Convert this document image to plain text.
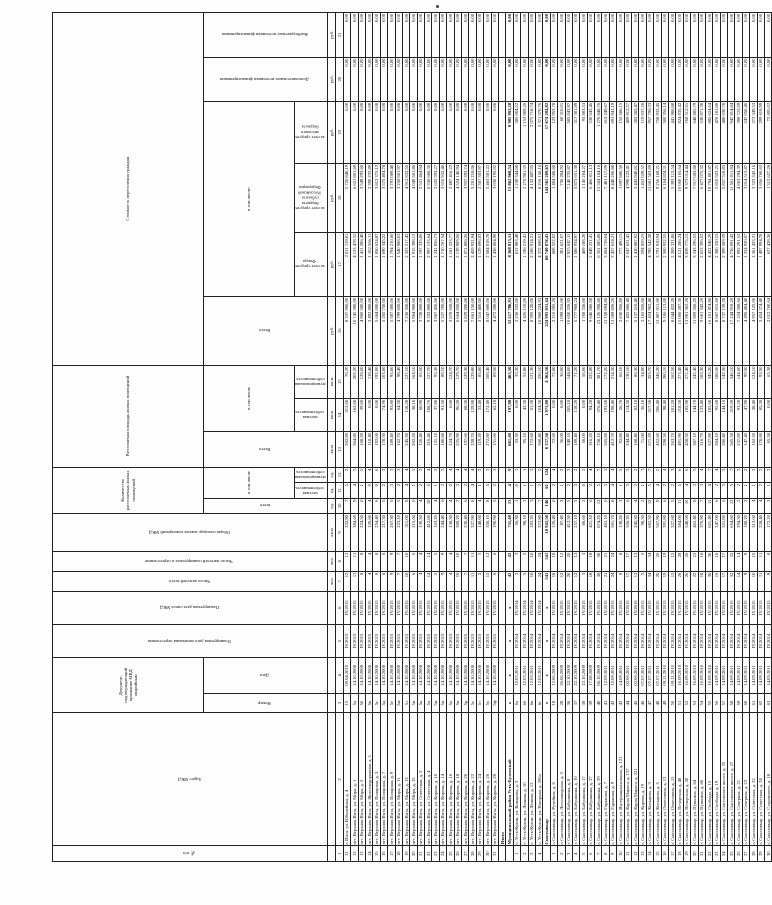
№ п/п	Адрес МКД	Документ, подтверждающий признание МКД аварийным		Планируемая дата окончания переселения	Планируемая дата сноса МКД	Число жителей всего	Число жителей планируемых к переселению	Общая площадь жилых помещений МКД	Количество расселяемых жилых помещений			Расселяемая площадь жилых помещений			Стоимость переселения граждан					
		Номер	Дата						всего	в том числе		Всего	в том числе		Всего	в том числе:			Дополнительные источники финансирования	Внебюджетные источники финансирования
										частная собственность	муниципальная собственность		частная собственность	муниципальная собственность		за счет средств Фонда	за счет средств бюджета субъекта Российской Федерации	за счет средств местного бюджета		
						чел.	чел.	кв.м	ед.	ед.	ед.	кв.м	кв.м	кв.м	руб.	руб.	руб.	руб.	руб.	руб.
1	2	3	4	5	6	7	8	9	10	11	12	13	14	15	16	17	18	19	20	21
11	г. Инта, ул. Юбилейная, д. 4	15	09.04.2010	IV.2015	IV.2015	12	12	332,90	7	5	2	282,80	212,60	70,20	8 337 960,00	2 611 119,81	5 726 840,19	0,00	0,00	0,00
12	пгт. Верхняя Инта, ул. Мира, д. 1	5а	14.10.2008	IV.2015	IV.2015	11	11	384,60	9	4	5	364,80	162,60	202,20	10 745 280,00	4 123 478,32	6 621 801,68	0,00	0,00	0,00
13	пгт. Верхняя Инта, ул. Мира, д. 5	5б	14.10.2008	IV.2015	IV.2015	8	8	224,50	6	1	5	168,20	39,60	128,60	4 960 580,00	1 411 286,40	3 549 293,60	0,00	0,00	0,00
14	пгт. Верхняя Инта, ул. Железнодорожная, д. 1	5в	14.10.2008	IV.2015	IV.2015	4	4	120,60	4	0	4	118,40	0,00	118,40	3 492 800,00	1 102 566,11	2 390 233,89	0,00	0,00	0,00
15	пгт. Верхняя Инта, ул. Полярная, д. 3	5г	14.10.2008	IV.2015	IV.2015	8	8	254,40	6	0	6	192,00	0,00	192,00	5 664 000,00	1 850 624,87	3 813 375,13	0,00	0,00	0,00
16	пгт. Верхняя Инта, ул. Полярная, д. 7	5д	14.10.2008	IV.2015	IV.2015	6	6	217,30	5	2	3	178,50	74,90	103,60	5 265 750,00	1 690 345,22	3 575 404,78	0,00	0,00	0,00
17	пгт. Верхняя Инта, ул. Полярная, д. 9	5е	14.10.2008	IV.2015	IV.2015	9	9	267,30	6	3	3	189,40	93,80	95,60	5 587 300,00	1 794 210,60	3 793 089,40	0,00	0,00	0,00
18	пгт. Верхняя Инта, ул. Мира, д. 11	5ж	14.10.2008	IV.2015	IV.2015	7	7	223,10	5	2	3	162,70	64,30	98,40	4 799 650,00	1 540 988,03	3 258 661,97	0,00	0,00	0,00
19	пгт. Верхняя Инта, ул. Мира, д. 13	5з	14.10.2008	IV.2015	IV.2015	10	10	311,00	8	4	4	245,30	118,20	127,10	7 236 350,00	2 323 517,45	4 912 832,55	0,00	0,00	0,00
20	пгт. Верхняя Инта, ул. Мира, д. 15	5и	14.10.2008	IV.2015	IV.2015	6	6	215,60	6	1	5	202,20	38,10	164,10	5 964 900,00	1 915 398,12	4 049 501,88	0,00	0,00	0,00
21	пгт. Верхняя Инта, ул. Советская, д. 2	5к	14.10.2008	IV.2015	IV.2015	4	4	130,50	4	2	2	126,40	60,90	65,50	3 728 800,00	1 197 335,06	2 531 464,94	0,00	0,00	0,00
22	пгт. Верхняя Инта, ул. Советская, д. 4	5л	14.10.2008	IV.2015	IV.2015	14	14	412,80	10	6	4	316,40	188,70	127,70	9 333 800,00	2 997 133,64	6 336 666,36	0,00	0,00	0,00
23	пгт. Верхняя Инта, ул. Кирова, д. 10	5м	14.10.2008	IV.2015	IV.2015	5	5	163,20	4	1	3	131,10	37,80	93,30	3 867 450,00	1 241 856,73	2 625 593,27	0,00	0,00	0,00
24	пгт. Верхняя Инта, ул. Кирова, д. 14	5н	14.10.2008	IV.2015	IV.2015	9	9	244,40	6	3	3	180,60	91,50	89,10	5 327 700,00	1 710 767,54	3 616 932,46	0,00	0,00	0,00
25	пгт. Верхняя Инта, ул. Кирова, д. 16	5о	14.10.2008	IV.2015	IV.2015	4	4	138,30	4	0	4	124,70	0,00	124,70	3 678 650,00	1 181 233,77	2 497 416,23	0,00	0,00	0,00
26	пгт. Верхняя Инта, ул. Кирова, д. 18	5п	14.10.2008	IV.2015	IV.2015	10	10	300,20	7	3	4	225,90	96,20	129,70	6 664 050,00	2 139 909,06	4 524 140,94	0,00	0,00	0,00
27	пгт. Верхняя Инта, ул. Кирова, д. 20	5р	14.10.2008	IV.2015	IV.2015	7	7	230,40	6	2	4	197,60	68,30	129,30	5 829 200,00	1 871 806,26	3 957 393,74	0,00	0,00	0,00
28	пгт. Верхняя Инта, ул. Кирова, д. 22	5с	14.10.2008	IV.2015	IV.2015	11	11	327,90	8	4	4	259,70	129,90	129,80	7 661 150,00	2 459 931,94	5 201 218,06	0,00	0,00	0,00
29	пгт. Верхняя Инта, ул. Кирова, д. 24	5т	14.10.2008	IV.2015	IV.2015	5	5	148,60	4	1	3	119,20	33,40	85,80	3 516 400,00	1 129 096,03	2 387 303,97	0,00	0,00	0,00
30	пгт. Верхняя Инта, ул. Кирова, д. 26	5у	14.10.2008	IV.2015	IV.2015	12	12	356,10	8	5	3	272,80	172,40	100,40	8 047 600,00	2 584 018,78	5 463 581,22	0,00	0,00	0,00
31	пгт. Верхняя Инта, ул. Кирова, д. 28	5ф	14.10.2008	IV.2015	IV.2015	6	6	190,90	5	2	3	151,60	62,10	89,50	4 472 200,00	1 436 004,98	3 036 195,02	0,00	0,00	0,00
	Итого																			
	Муниципальный район Усть-Куломский	x	x	x	x	42	42	711,40	13	4	9	661,40	197,90	463,50	32 217 786,93	8 368 815,11	15 862 968,54	8 985 993,28	0,00	0,00
1	с. Усть-Кулом, ул. Комарова, д. 3	6а	12.03.2011	IV.2014	IV.2014	3	3	56,30	1	0	1	33,30	0,00	33,30	2 236 332,00	612 983,48	1 238 344,00	385 004,52	0,00	0,00
2	с. Усть-Кулом, ул. Ленина, д. 10	6б	12.03.2011	IV.2014	IV.2014	5	5	98,10	2	1	1	95,10	42,30	52,80	4 626 110,00	1 196 219,41	2 275 981,33	1 153 909,26	0,00	0,00
3	с. Усть-Кулом, ул. Ленина, д. 12	6в	12.03.2011	IV.2014	IV.2014	10	10	183,20	3	1	2	172,60	51,30	121,30	8 395 120,00	2 186 914,21	4 132 487,05	2 075 718,74	0,00	0,00
4	с. Усть-Кулом, ул. Нагорная, д. 206а	6г	12.03.2011	IV.2014	IV.2014	24	24	373,80	7	2	5	360,40	104,30	256,10	16 960 224,93	4 372 698,01	8 216 156,16	5 371 370,76	0,00	0,00
	Сыктывкар	x	x	x	x	541	541	10 943,56	146	61	124	6 337,56	1 973,00	4 364,56	224 995 031,44	60 740 076,45	144 561 209,63	17 674 284,82	0,00	0,00
1	г. Сыктывкар, ул. Ручейная, д. 6	18	12.06.2009	IV.2014	IV.2015	18	18	126,40	6	2	4	72,60	0,00	72,60	2 216 065,20	608 522,82	1 484 588,60	122 953,78	0,00	0,00
2	г. Сыктывкар, ул. Лесозаводская, д. 5	28	26.06.2009	IV.2014	IV.2015	12	12	87,40	3	1	2	36,00	0,00	36,00	1 098 216,00	301 621,07	736 284,92	60 310,01	0,00	0,00
3	г. Сыктывкар, ул. Бабушкина, д. 8	36	22.10.2009	IV.2014	IV.2015	20	20	412,50	5	2	3	349,10	205,10	144,00	10 650 326,95	2 925 047,11	7 140 235,87	585 043,97	0,00	0,00
4	г. Сыктывкар, ул. Бабушкина, д. 10	37	22.10.2009	IV.2014	IV.2015	12	12	257,10	5	3	2	189,40	118,20	71,20	5 777 968,24	1 586 934,97	3 873 651,38	317 381,89	0,00	0,00
5	г. Сыктывкар, ул. Бабушкина, д. 17	38	22.10.2009	IV.2014	IV.2015	3	3	86,60	2	0	2	56,00	0,00	56,00	1 708 336,00	469 188,20	1 145 264,27	93 883,53	0,00	0,00
6	г. Сыктывкар, ул. Бабушкина, д. 37	39	17.08.2009	IV.2014	IV.2015	18	18	421,10	6	2	4	316,20	94,20	222,00	9 646 086,00	2 649 231,41	6 466 811,13	530 043,46	0,00	0,00
7	г. Сыктывкар, ул. Бабушкина, д. 39	40	06.10.2009	IV.2014	IV.2015	36	36	874,20	12	5	7	758,10	376,40	381,70	23 126 598,80	6 351 585,88	15 504 164,16	1 270 848,76	0,00	0,00
8	г. Сыктывкар, ул. Гаражная, д. 7	41	12.09.2011	IV.2014	IV.2015	21	21	462,10	6	3	3	365,80	193,60	172,20	11 159 094,80	3 064 728,04	7 481 117,09	613 249,67	0,00	0,00
9	г. Сыктывкар, ул. Гаражная, д. 9	42	12.09.2011	IV.2014	IV.2015	24	24	501,70	8	4	4	412,70	198,40	214,30	12 589 826,20	3 457 624,21	8 440 260,80	691 941,19	0,00	0,00
10	г. Сыктывкар, ул. Интернациональная, д. 121	43	14.09.2011	IV.2014	IV.2015	8	8	138,20	3	1	2	92,80	26,70	66,10	2 830 956,80	777 490,15	1 897 880,50	155 586,15	0,00	0,00
11	г. Сыктывкар, ул. Карла Маркса, д. 137	44	02.06.2011	IV.2014	IV.2015	17	17	356,20	6	3	3	244,40	114,30	130,10	7 455 666,40	2 047 631,42	4 998 222,41	409 812,57	0,00	0,00
12	г. Сыктывкар, ул. Карла Маркса, д. 221	45	02.06.2011	IV.2014	IV.2015	13	13	245,30	4	2	2	168,40	82,10	86,30	5 137 210,40	1 410 887,92	3 443 940,01	282 382,47	0,00	0,00
13	г. Сыктывкар, ул. Кирова, д. 19	46	07.07.2011	IV.2014	IV.2015	5	5	98,30	2	1	1	71,00	36,10	34,90	2 165 926,00	594 859,23	1 452 029,51	119 037,26	0,00	0,00
14	г. Сыктывкар, ул. Кольцова, д. 3	47	07.07.2011	IV.2014	IV.2015	34	34	682,50	12	5	7	571,20	217,50	353,70	17 424 902,40	4 785 542,38	11 681 563,69	957 796,33	0,00	0,00
15	г. Сыктывкар, ул. Кольцова, д. 5	48	07.07.2011	IV.2014	IV.2015	26	26	567,90	9	4	5	452,60	206,40	246,20	13 807 011,60	3 791 910,94	9 256 168,21	758 932,45	0,00	0,00
16	г. Сыктывкар, ул. Оплеснина, д. 13	49	09.11.2010	IV.2014	IV.2015	19	19	391,80	6	2	4	298,50	98,40	200,10	9 106 113,00	2 500 932,55	6 104 824,31	500 356,14	0,00	0,00
17	г. Сыктывкар, ул. Оплеснина, д. 15	50	09.11.2010	IV.2014	IV.2015	15	15	327,60	5	2	3	263,70	101,20	162,50	8 044 432,20	2 209 331,86	5 393 113,54	441 986,80	0,00	0,00
18	г. Сыктывкар, ул. Печорская, д. 48	51	16.09.2010	IV.2014	IV.2015	28	28	584,00	11	5	6	491,90	218,50	273,40	15 006 287,30	4 121 286,24	10 060 165,64	824 835,42	0,00	0,00
19	г. Сыктывкар, ул. Печорская, д. 50	52	16.09.2010	IV.2014	IV.2015	26	26	548,60	10	4	6	458,30	185,90	272,40	13 981 302,20	3 839 775,15	9 373 014,44	768 512,61	0,00	0,00
20	г. Сыктывкар, ул. Пушкина, д. 84	53	16.09.2010	IV.2014	IV.2015	22	22	462,40	8	3	5	387,10	144,70	242,40	11 809 266,20	3 243 296,53	7 917 083,88	648 885,79	0,00	0,00
21	г. Сыктывкар, ул. Пушкина, д. 86	54	16.09.2010	IV.2014	IV.2015	18	18	376,90	7	3	4	316,70	133,40	183,30	9 661 342,20	2 653 395,52	6 477 075,32	530 871,36	0,00	0,00
22	г. Сыктывкар, ул. Свободы, д. 15	55	16.09.2010	IV.2014	IV.2015	30	30	621,40	11	4	7	527,80	182,60	345,20	16 101 474,80	4 422 048,29	10 794 401,87	885 024,64	0,00	0,00
23	г. Сыктывкар, ул. Свободы, д. 19	56	14.09.2011	IV.2014	IV.2015	16	16	347,00	6	2	4	284,10	95,60	188,50	8 667 015,60	2 380 330,53	5 810 503,21	476 181,86	0,00	0,00
24	г. Сыктывкар, ул. Сысольское шоссе, д. 25	57	14.09.2011	IV.2014	IV.2015	17	17	351,80	6	3	3	286,40	144,10	142,30	8 737 139,20	2 399 589,59	5 857 518,83	480 030,78	0,00	0,00
25	г. Сыктывкар, ул. Сысольское шоссе, д. 27	58	14.09.2011	IV.2014	IV.2015	32	32	654,60	12	5	7	565,30	219,20	346,10	17 244 918,20	4 736 091,42	11 561 011,94	947 814,84	0,00	0,00
26	г. Сыктывкар, ул. Северная, д. 21	59	14.09.2011	IV.2014	IV.2015	14	14	294,30	5	2	3	237,80	93,20	144,60	7 254 308,60	1 992 291,52	4 863 294,39	398 722,69	0,00	0,00
27	г. Сыктывкар, ул. Северная, д. 23	60	14.09.2011	IV.2014	IV.2015	9	9	188,20	3	1	2	147,40	47,90	99,50	4 496 484,40	1 234 920,07	3 014 513,87	247 050,46	0,00	0,00
28	г. Сыктывкар, ул. Советская, д. 22	61	14.09.2011	IV.2014	IV.2015	10	10	213,60	4	1	3	162,50	38,40	124,10	4 957 125,00	1 361 433,31	3 323 342,16	272 349,53	0,00	0,00
29	г. Сыктывкар, ул. Советская, д. 24	62	14.09.2011	IV.2014	IV.2015	11	11	228,40	4	2	2	178,80	85,30	93,50	5 454 374,40	1 497 994,78	3 656 760,63	299 618,99	0,00	0,00
30	г. Сыктывкар, ул. Старовского, д. 18	63	14.09.2011	IV.2014	IV.2015	8	8	172,20	3	1	2	65,38	0,00	65,38	2 012 760,64	627 438,36	1 312 627,26	72 695,02	0,00	0,00
